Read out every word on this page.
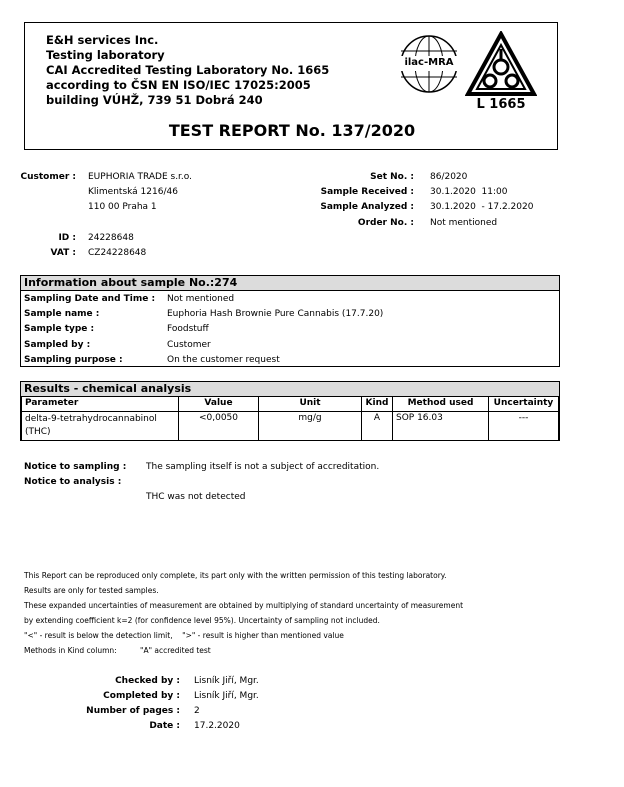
E&H services Inc.
Testing laboratory
CAI Accredited Testing Laboratory No. 1665
according to ČSN EN ISO/IEC 17025:2005
building VÚHŽ, 739 51 Dobrá 240
ilac-MRA
L 1665
TEST REPORT No. 137/2020
Customer : EUPHORIA TRADE s.r.o.
Klimentská 1216/46
110 00 Praha 1
ID : 24228648
VAT : CZ24228648
Set No. : 86/2020
Sample Received : 30.1.2020  11:00
Sample Analyzed : 30.1.2020  - 17.2.2020
Order No. : Not mentioned
Information about sample No.:274
Sampling Date and Time : Not mentioned
Sample name :	Euphoria Hash Brownie Pure Cannabis (17.7.20)
Sample type :	Foodstuff
Sampled by :	Customer
Sampling purpose :	On the customer request
Results - chemical analysis
Parameter	Value	Unit	Kind	Method used	Uncertainty
delta-9-tetrahydrocannabinol (THC)	<0,0050	mg/g	A	SOP 16.03	---
Notice to sampling : The sampling itself is not a subject of accreditation.
Notice to analysis :
THC was not detected
This Report can be reproduced only complete, its part only with the written permission of this testing laboratory.
Results are only for tested samples.
These expanded uncertainties of measurement are obtained by multiplying of standard uncertainty of measurement
by extending coefficient k=2 (for confidence level 95%). Uncertainty of sampling not included.
"<" - result is below the detection limit,    ">" - result is higher than mentioned value
Methods in Kind column:	"A" accredited test
Checked by : Lisník Jiří, Mgr.
Completed by : Lisník Jiří, Mgr.
Number of pages : 2
Date : 17.2.2020
